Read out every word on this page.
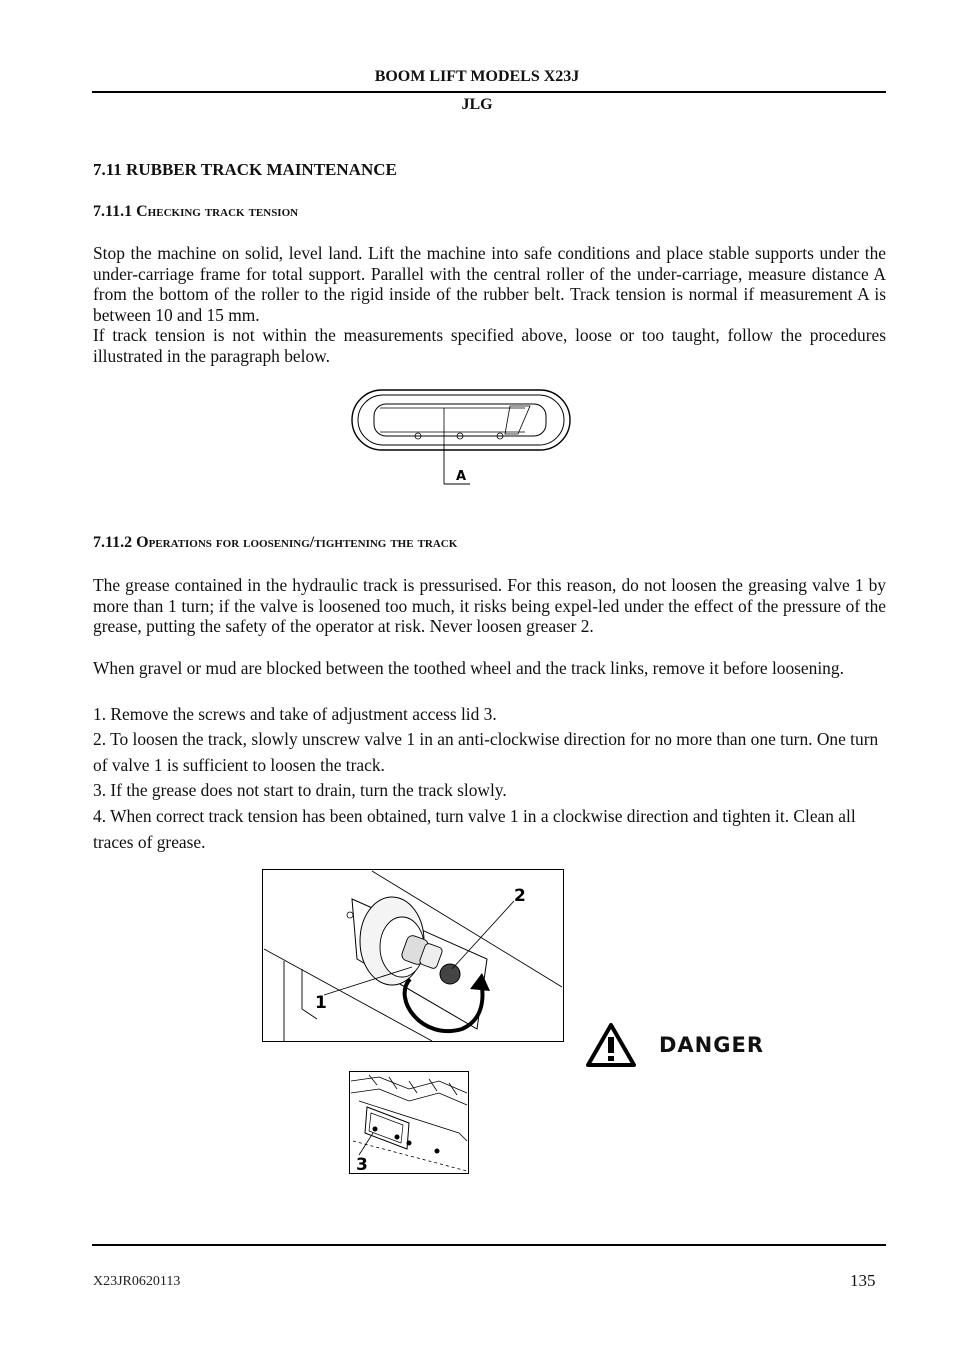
BOOM LIFT MODELS X23J
JLG
7.11 RUBBER TRACK MAINTENANCE
7.11.1 Checking track tension
Stop the machine on solid, level land. Lift the machine into safe conditions and place stable supports under the under-carriage frame for total support. Parallel with the central roller of the under-carriage, measure distance A from the bottom of the roller to the rigid inside of the rubber belt. Track tension is normal if measurement A is between 10 and 15 mm.
If track tension is not within the measurements specified above, loose or too taught, follow the procedures illustrated in the paragraph below.
A
7.11.2 Operations for loosening/tightening the track
The grease contained in the hydraulic track is pressurised. For this reason, do not loosen the greasing valve 1 by more than 1 turn; if the valve is loosened too much, it risks being expel-led under the effect of the pressure of the grease, putting the safety of the operator at risk. Never loosen greaser 2.
When gravel or mud are blocked between the toothed wheel and the track links, remove it before loosening.
1. Remove the screws and take of adjustment access lid 3.
2. To loosen the track, slowly unscrew valve 1 in an anti-clockwise direction for no more than one turn. One turn of valve 1 is sufficient to loosen the track.
3. If the grease does not start to drain, turn the track slowly.
4. When correct track tension has been obtained, turn valve 1 in a clockwise direction and tighten it. Clean all traces of grease.
2
1
DANGER
3
X23JR0620113	135
